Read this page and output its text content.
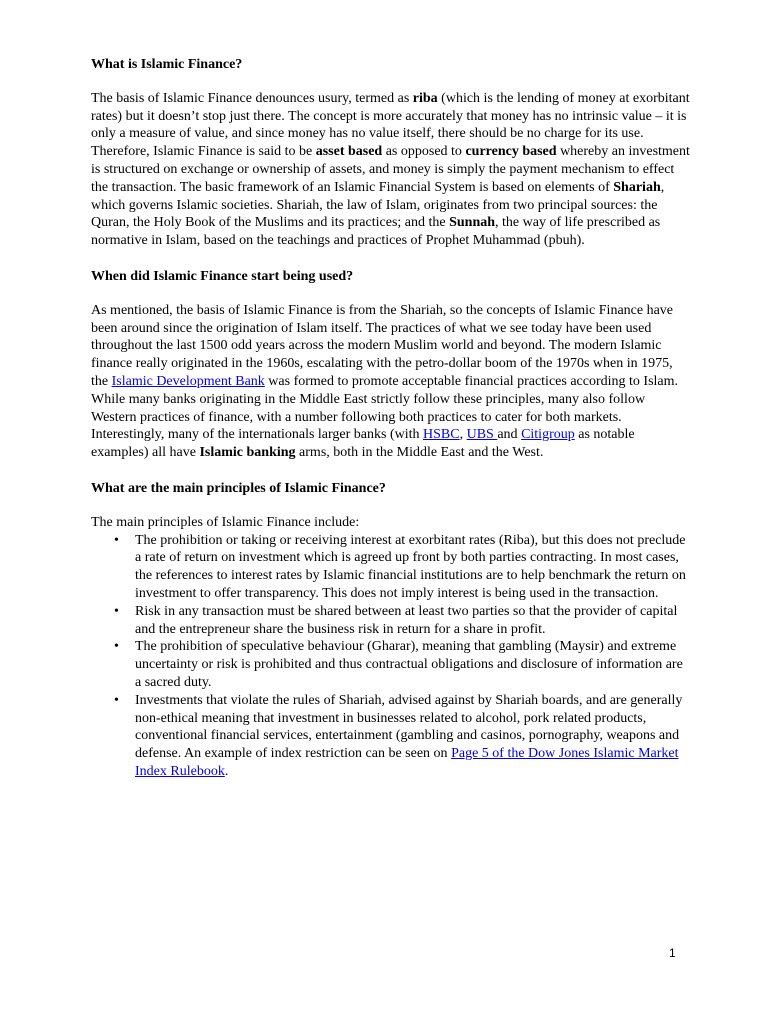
What is Islamic Finance?

The basis of Islamic Finance denounces usury, termed as riba (which is the lending of money at exorbitant rates) but it doesn’t stop just there. The concept is more accurately that money has no intrinsic value – it is only a measure of value, and since money has no value itself, there should be no charge for its use. Therefore, Islamic Finance is said to be asset based as opposed to currency based whereby an investment is structured on exchange or ownership of assets, and money is simply the payment mechanism to effect the transaction. The basic framework of an Islamic Financial System is based on elements of Shariah, which governs Islamic societies. Shariah, the law of Islam, originates from two principal sources: the Quran, the Holy Book of the Muslims and its practices; and the Sunnah, the way of life prescribed as normative in Islam, based on the teachings and practices of Prophet Muhammad (pbuh).

When did Islamic Finance start being used?

As mentioned, the basis of Islamic Finance is from the Shariah, so the concepts of Islamic Finance have been around since the origination of Islam itself. The practices of what we see today have been used throughout the last 1500 odd years across the modern Muslim world and beyond. The modern Islamic finance really originated in the 1960s, escalating with the petro-dollar boom of the 1970s when in 1975, the Islamic Development Bank was formed to promote acceptable financial practices according to Islam. While many banks originating in the Middle East strictly follow these principles, many also follow Western practices of finance, with a number following both practices to cater for both markets. Interestingly, many of the internationals larger banks (with HSBC, UBS and Citigroup as notable examples) all have Islamic banking arms, both in the Middle East and the West.

What are the main principles of Islamic Finance?
The main principles of Islamic Finance include:
• The prohibition or taking or receiving interest at exorbitant rates (Riba), but this does not preclude a rate of return on investment which is agreed up front by both parties contracting. In most cases, the references to interest rates by Islamic financial institutions are to help benchmark the return on investment to offer transparency. This does not imply interest is being used in the transaction.
• Risk in any transaction must be shared between at least two parties so that the provider of capital and the entrepreneur share the business risk in return for a share in profit.
• The prohibition of speculative behaviour (Gharar), meaning that gambling (Maysir) and extreme uncertainty or risk is prohibited and thus contractual obligations and disclosure of information are a sacred duty.
• Investments that violate the rules of Shariah, advised against by Shariah boards, and are generally non-ethical meaning that investment in businesses related to alcohol, pork related products, conventional financial services, entertainment (gambling and casinos, pornography, weapons and defense. An example of index restriction can be seen on Page 5 of the Dow Jones Islamic Market Index Rulebook.
1
